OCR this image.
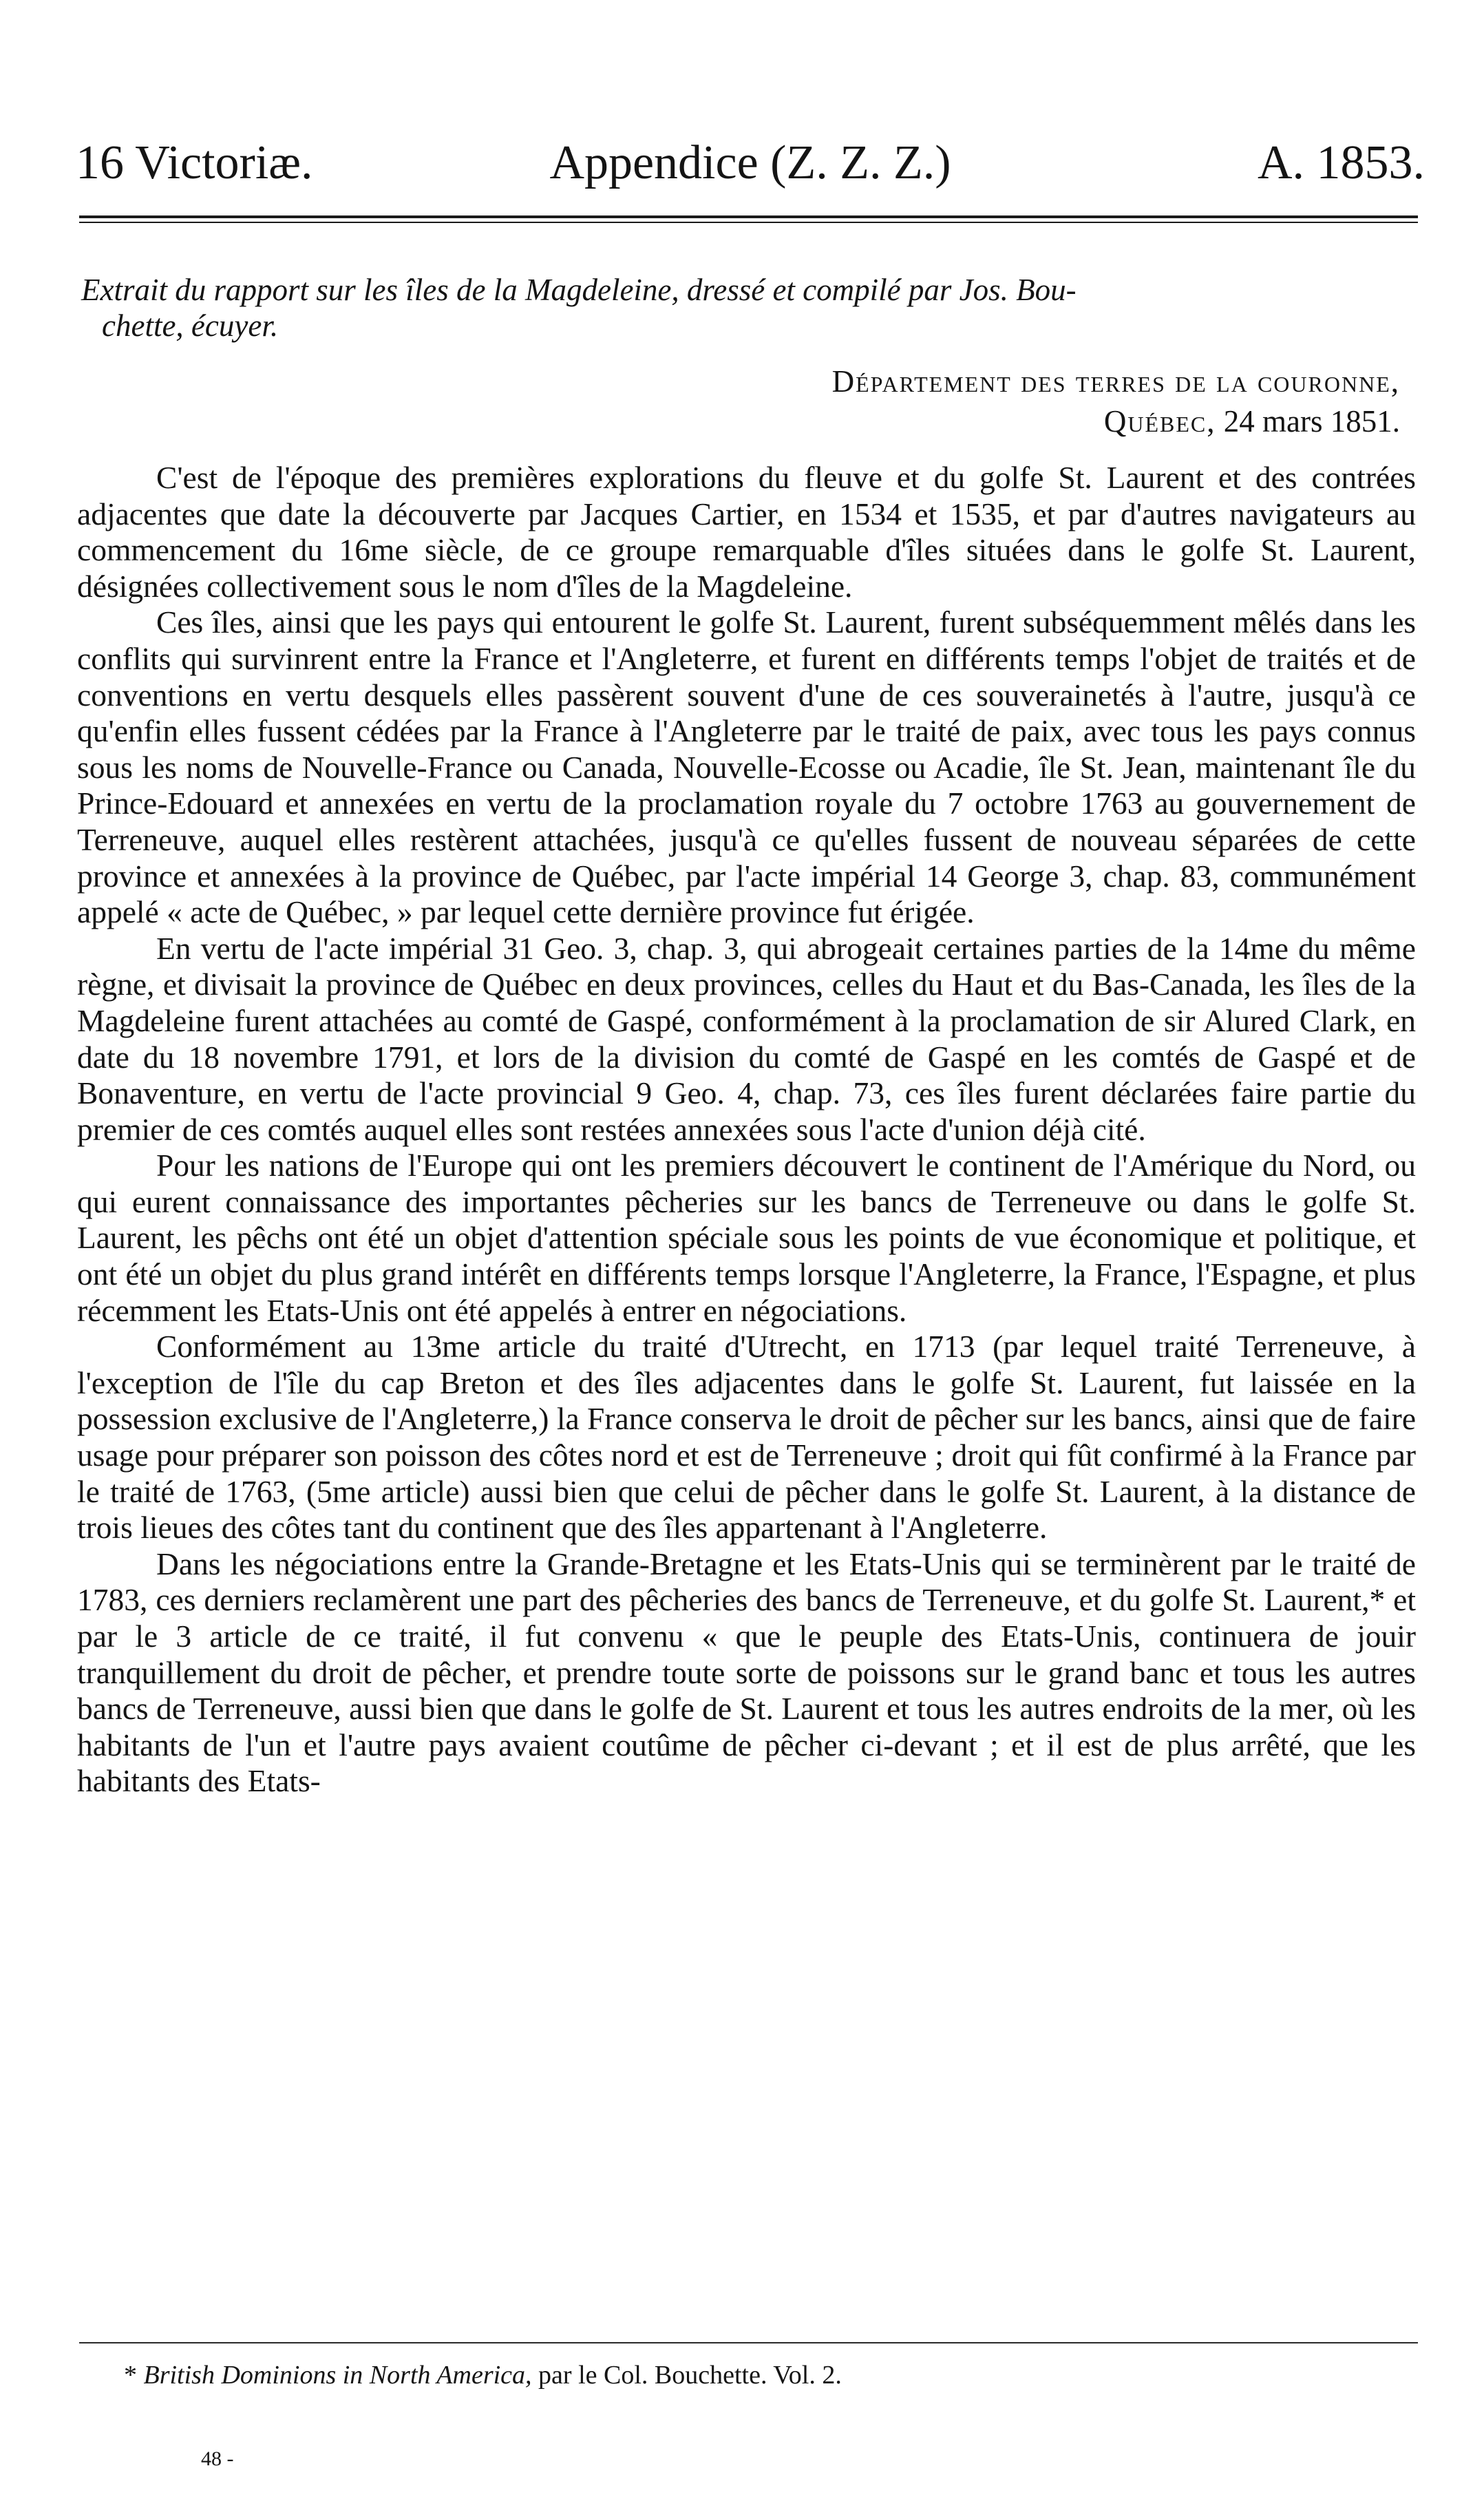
16 Victoriæ.	Appendice (Z. Z. Z.)	A. 1853.
Extrait du rapport sur les îles de la Magdeleine, dressé et compilé par Jos. Bou-
chette, écuyer.
Département des terres de la couronne,
Québec, 24 mars 1851.

C'est de l'époque des premières explorations du fleuve et du golfe St. Laurent et des contrées adjacentes que date la découverte par Jacques Cartier, en 1534 et 1535, et par d'autres navigateurs au commencement du 16me siècle, de ce groupe remarquable d'îles situées dans le golfe St. Laurent, désignées collectivement sous le nom d'îles de la Magdeleine.

Ces îles, ainsi que les pays qui entourent le golfe St. Laurent, furent subséquemment mêlés dans les conflits qui survinrent entre la France et l'Angleterre, et furent en différents temps l'objet de traités et de conventions en vertu desquels elles passèrent souvent d'une de ces souverainetés à l'autre, jusqu'à ce qu'enfin elles fussent cédées par la France à l'Angleterre par le traité de paix, avec tous les pays connus sous les noms de Nouvelle-France ou Canada, Nouvelle-Ecosse ou Acadie, île St. Jean, maintenant île du Prince-Edouard et annexées en vertu de la proclamation royale du 7 octobre 1763 au gouvernement de Terreneuve, auquel elles restèrent attachées, jusqu'à ce qu'elles fussent de nouveau séparées de cette province et annexées à la province de Québec, par l'acte impérial 14 George 3, chap. 83, communément appelé « acte de Québec, » par lequel cette dernière province fut érigée.

En vertu de l'acte impérial 31 Geo. 3, chap. 3, qui abrogeait certaines parties de la 14me du même règne, et divisait la province de Québec en deux provinces, celles du Haut et du Bas-Canada, les îles de la Magdeleine furent attachées au comté de Gaspé, conformément à la proclamation de sir Alured Clark, en date du 18 novembre 1791, et lors de la division du comté de Gaspé en les comtés de Gaspé et de Bonaventure, en vertu de l'acte provincial 9 Geo. 4, chap. 73, ces îles furent déclarées faire partie du premier de ces comtés auquel elles sont restées annexées sous l'acte d'union déjà cité.

Pour les nations de l'Europe qui ont les premiers découvert le continent de l'Amérique du Nord, ou qui eurent connaissance des importantes pêcheries sur les bancs de Terreneuve ou dans le golfe St. Laurent, les pêchs ont été un objet d'attention spéciale sous les points de vue économique et politique, et ont été un objet du plus grand intérêt en différents temps lorsque l'Angleterre, la France, l'Espagne, et plus récemment les Etats-Unis ont été appelés à entrer en négociations.

Conformément au 13me article du traité d'Utrecht, en 1713 (par lequel traité Terreneuve, à l'exception de l'île du cap Breton et des îles adjacentes dans le golfe St. Laurent, fut laissée en la possession exclusive de l'Angleterre,) la France conserva le droit de pêcher sur les bancs, ainsi que de faire usage pour préparer son poisson des côtes nord et est de Terreneuve ; droit qui fût confirmé à la France par le traité de 1763, (5me article) aussi bien que celui de pêcher dans le golfe St. Laurent, à la distance de trois lieues des côtes tant du continent que des îles appartenant à l'Angleterre.

Dans les négociations entre la Grande-Bretagne et les Etats-Unis qui se terminèrent par le traité de 1783, ces derniers reclamèrent une part des pêcheries des bancs de Terreneuve, et du golfe St. Laurent,* et par le 3 article de ce traité, il fut convenu « que le peuple des Etats-Unis, continuera de jouir tranquillement du droit de pêcher, et prendre toute sorte de poissons sur le grand banc et tous les autres bancs de Terreneuve, aussi bien que dans le golfe de St. Laurent et tous les autres endroits de la mer, où les habitants de l'un et l'autre pays avaient coutûme de pêcher ci-devant ; et il est de plus arrêté, que les habitants des Etats-

* British Dominions in North America, par le Col. Bouchette. Vol. 2.
48 -
